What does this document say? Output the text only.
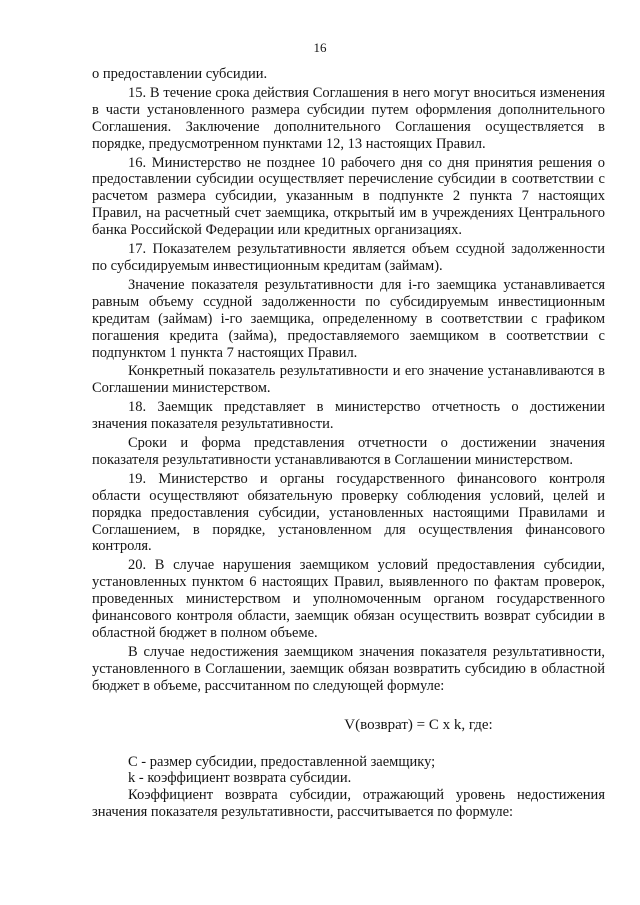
16

о предоставлении субсидии.

15. В течение срока действия Соглашения в него могут вноситься изменения в части установленного размера субсидии путем оформления дополнительного Соглашения. Заключение дополнительного Соглашения осуществляется в порядке, предусмотренном пунктами 12, 13 настоящих Правил.

16. Министерство не позднее 10 рабочего дня со дня принятия решения о предоставлении субсидии осуществляет перечисление субсидии в соответствии с расчетом размера субсидии, указанным в подпункте 2 пункта 7 настоящих Правил, на расчетный счет заемщика, открытый им в учреждениях Центрального банка Российской Федерации или кредитных организациях.

17. Показателем результативности является объем ссудной задолженности по субсидируемым инвестиционным кредитам (займам).

Значение показателя результативности для i-го заемщика устанавливается равным объему ссудной задолженности по субсидируемым инвестиционным кредитам (займам) i-го заемщика, определенному в соответствии с графиком погашения кредита (займа), предоставляемого заемщиком в соответствии с подпунктом 1 пункта 7 настоящих Правил.

Конкретный показатель результативности и его значение устанавливаются в Соглашении министерством.

18. Заемщик представляет в министерство отчетность о достижении значения показателя результативности.

Сроки и форма представления отчетности о достижении значения показателя результативности устанавливаются в Соглашении министерством.

19. Министерство и органы государственного финансового контроля области осуществляют обязательную проверку соблюдения условий, целей и порядка предоставления субсидии, установленных настоящими Правилами и Соглашением, в порядке, установленном для осуществления финансового контроля.

20. В случае нарушения заемщиком условий предоставления субсидии, установленных пунктом 6 настоящих Правил, выявленного по фактам проверок, проведенных министерством и уполномоченным органом государственного финансового контроля области, заемщик обязан осуществить возврат субсидии в областной бюджет в полном объеме.

В случае недостижения заемщиком значения показателя результативности, установленного в Соглашении, заемщик обязан возвратить субсидию в областной бюджет в объеме, рассчитанном по следующей формуле:

V(возврат) = C x k, где:

C - размер субсидии, предоставленной заемщику;

k - коэффициент возврата субсидии.

Коэффициент возврата субсидии, отражающий уровень недостижения значения показателя результативности, рассчитывается по формуле:
